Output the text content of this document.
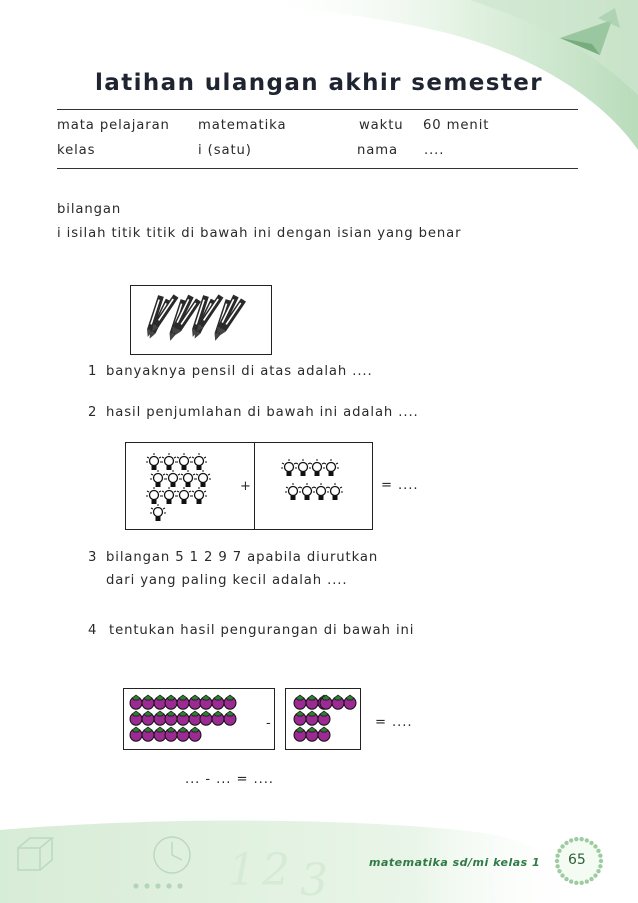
1 2 3
latihan ulangan akhir semester
mata pelajaran matematika	waktu 60 menit
kelas	i (satu)	nama ....
bilangan
i isilah titik titik di bawah ini dengan isian yang benar
1 banyaknya pensil di atas adalah ....
2 hasil penjumlahan di bawah ini adalah ....
+	= ....
3 bilangan 5 1 2 9 7 apabila diurutkan
dari yang paling kecil adalah ....
4 tentukan hasil pengurangan di bawah ini
-	= ....
... - ... = ....
matematika sd/mi kelas 1 65
